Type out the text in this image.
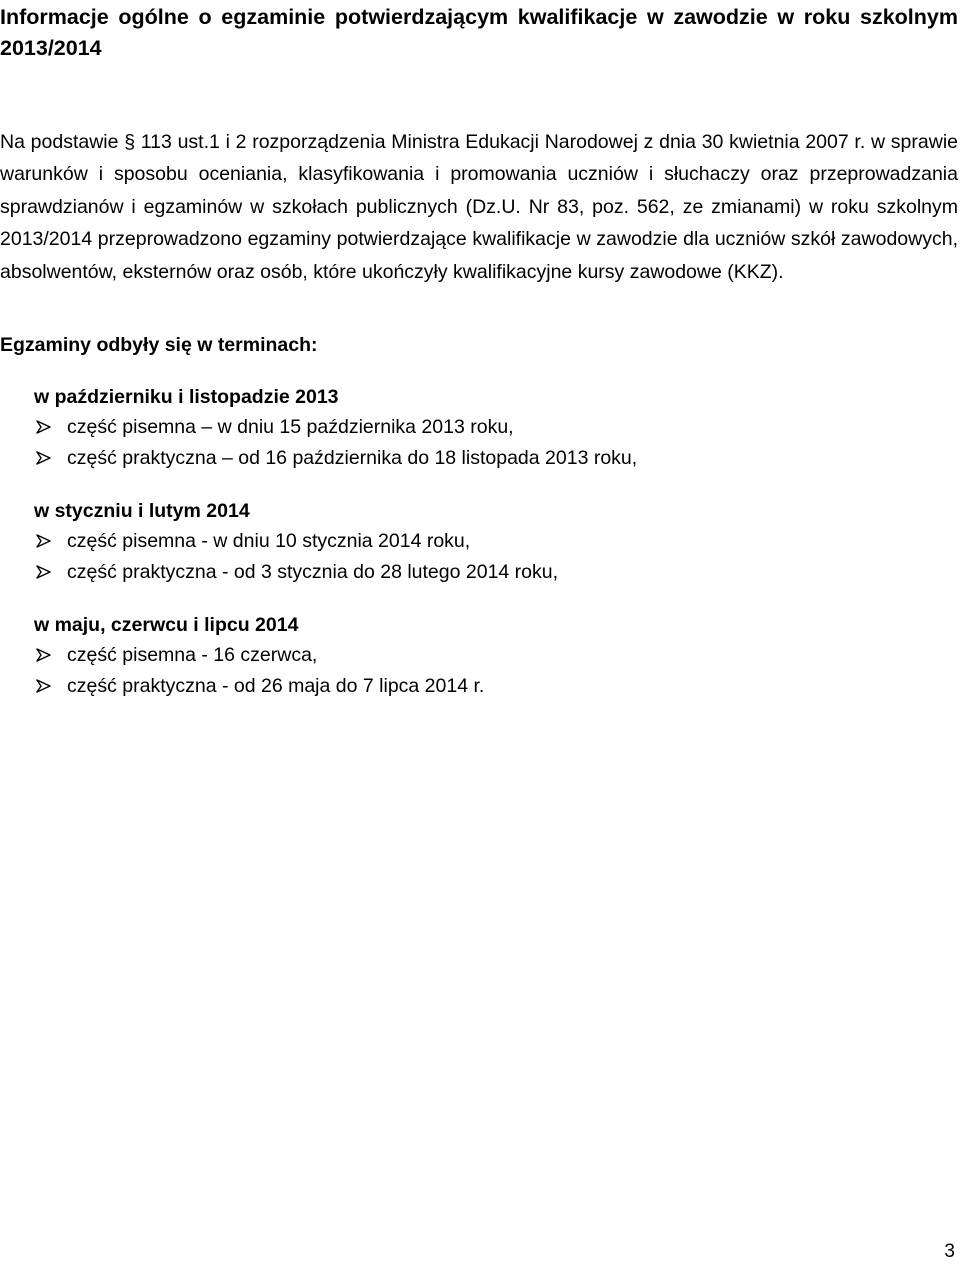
Informacje ogólne o egzaminie potwierdzającym kwalifikacje w zawodzie w roku szkolnym 2013/2014

Na podstawie § 113 ust.1 i 2 rozporządzenia Ministra Edukacji Narodowej z dnia 30 kwietnia 2007 r. w sprawie warunków i sposobu oceniania, klasyfikowania i promowania uczniów i słuchaczy oraz przeprowadzania sprawdzianów i egzaminów w szkołach publicznych (Dz.U. Nr 83, poz. 562, ze zmianami) w roku szkolnym 2013/2014 przeprowadzono egzaminy potwierdzające kwalifikacje w zawodzie dla uczniów szkół zawodowych, absolwentów, eksternów oraz osób, które ukończyły kwalifikacyjne kursy zawodowe (KKZ).

Egzaminy odbyły się w terminach:
w październiku i listopadzie 2013
część pisemna – w dniu 15 października 2013 roku,
część praktyczna – od 16 października do 18 listopada 2013 roku,
w styczniu i lutym 2014
część pisemna - w dniu 10 stycznia 2014 roku,
część praktyczna - od 3 stycznia do 28 lutego 2014 roku,
w maju, czerwcu i lipcu 2014
część pisemna - 16 czerwca,
część praktyczna - od 26 maja do 7 lipca 2014 r.

3
